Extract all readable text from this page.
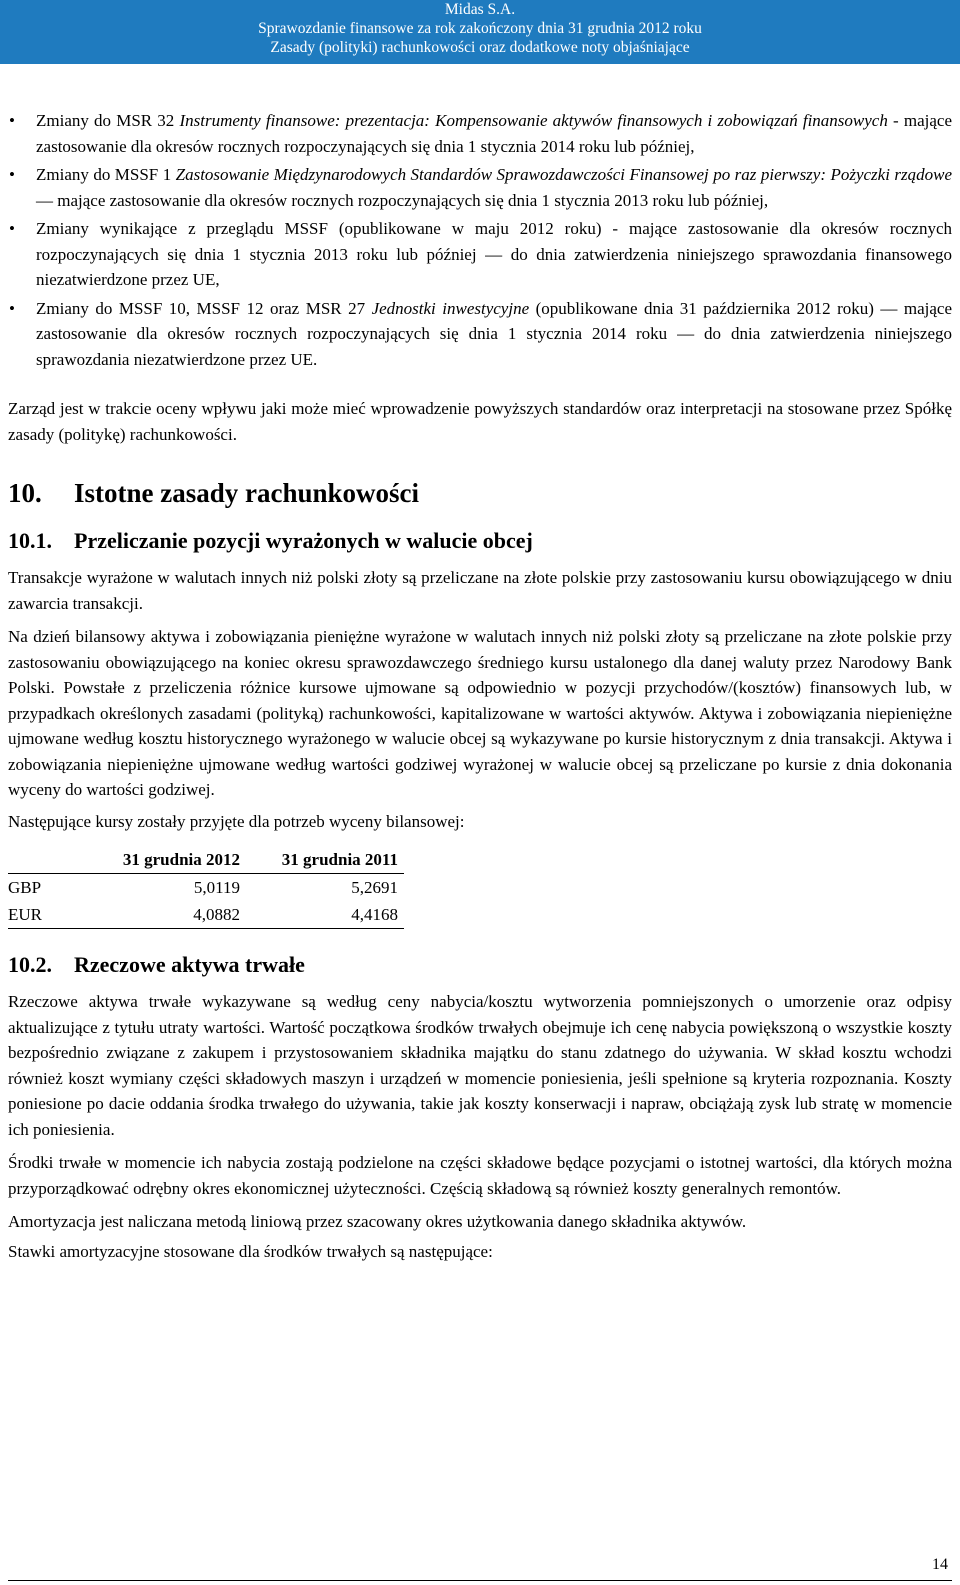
Midas S.A.
Sprawozdanie finansowe za rok zakończony dnia 31 grudnia 2012 roku
Zasady (polityki) rachunkowości oraz dodatkowe noty objaśniające
• Zmiany do MSR 32 Instrumenty finansowe: prezentacja: Kompensowanie aktywów finansowych i zobowiązań finansowych - mające zastosowanie dla okresów rocznych rozpoczynających się dnia 1 stycznia 2014 roku lub później,
• Zmiany do MSSF 1 Zastosowanie Międzynarodowych Standardów Sprawozdawczości Finansowej po raz pierwszy: Pożyczki rządowe — mające zastosowanie dla okresów rocznych rozpoczynających się dnia 1 stycznia 2013 roku lub później,
• Zmiany wynikające z przeglądu MSSF (opublikowane w maju 2012 roku) - mające zastosowanie dla okresów rocznych rozpoczynających się dnia 1 stycznia 2013 roku lub później — do dnia zatwierdzenia niniejszego sprawozdania finansowego niezatwierdzone przez UE,
• Zmiany do MSSF 10, MSSF 12 oraz MSR 27 Jednostki inwestycyjne (opublikowane dnia 31 października 2012 roku) — mające zastosowanie dla okresów rocznych rozpoczynających się dnia 1 stycznia 2014 roku — do dnia zatwierdzenia niniejszego sprawozdania niezatwierdzone przez UE.

Zarząd jest w trakcie oceny wpływu jaki może mieć wprowadzenie powyższych standardów oraz interpretacji na stosowane przez Spółkę zasady (politykę) rachunkowości.

10. Istotne zasady rachunkowości
10.1. Przeliczanie pozycji wyrażonych w walucie obcej

Transakcje wyrażone w walutach innych niż polski złoty są przeliczane na złote polskie przy zastosowaniu kursu obowiązującego w dniu zawarcia transakcji.

Na dzień bilansowy aktywa i zobowiązania pieniężne wyrażone w walutach innych niż polski złoty są przeliczane na złote polskie przy zastosowaniu obowiązującego na koniec okresu sprawozdawczego średniego kursu ustalonego dla danej waluty przez Narodowy Bank Polski. Powstałe z przeliczenia różnice kursowe ujmowane są odpowiednio w pozycji przychodów/(kosztów) finansowych lub, w przypadkach określonych zasadami (polityką) rachunkowości, kapitalizowane w wartości aktywów. Aktywa i zobowiązania niepieniężne ujmowane według kosztu historycznego wyrażonego w walucie obcej są wykazywane po kursie historycznym z dnia transakcji. Aktywa i zobowiązania niepieniężne ujmowane według wartości godziwej wyrażonej w walucie obcej są przeliczane po kursie z dnia dokonania wyceny do wartości godziwej.

Następujące kursy zostały przyjęte dla potrzeb wyceny bilansowej:

	31 grudnia 2012	31 grudnia 2011
GBP	5,0119	5,2691
EUR	4,0882	4,4168
10.2. Rzeczowe aktywa trwałe

Rzeczowe aktywa trwałe wykazywane są według ceny nabycia/kosztu wytworzenia pomniejszonych o umorzenie oraz odpisy aktualizujące z tytułu utraty wartości. Wartość początkowa środków trwałych obejmuje ich cenę nabycia powiększoną o wszystkie koszty bezpośrednio związane z zakupem i przystosowaniem składnika majątku do stanu zdatnego do używania. W skład kosztu wchodzi również koszt wymiany części składowych maszyn i urządzeń w momencie poniesienia, jeśli spełnione są kryteria rozpoznania. Koszty poniesione po dacie oddania środka trwałego do używania, takie jak koszty konserwacji i napraw, obciążają zysk lub stratę w momencie ich poniesienia.

Środki trwałe w momencie ich nabycia zostają podzielone na części składowe będące pozycjami o istotnej wartości, dla których można przyporządkować odrębny okres ekonomicznej użyteczności. Częścią składową są również koszty generalnych remontów.

Amortyzacja jest naliczana metodą liniową przez szacowany okres użytkowania danego składnika aktywów.

Stawki amortyzacyjne stosowane dla środków trwałych są następujące:

14
